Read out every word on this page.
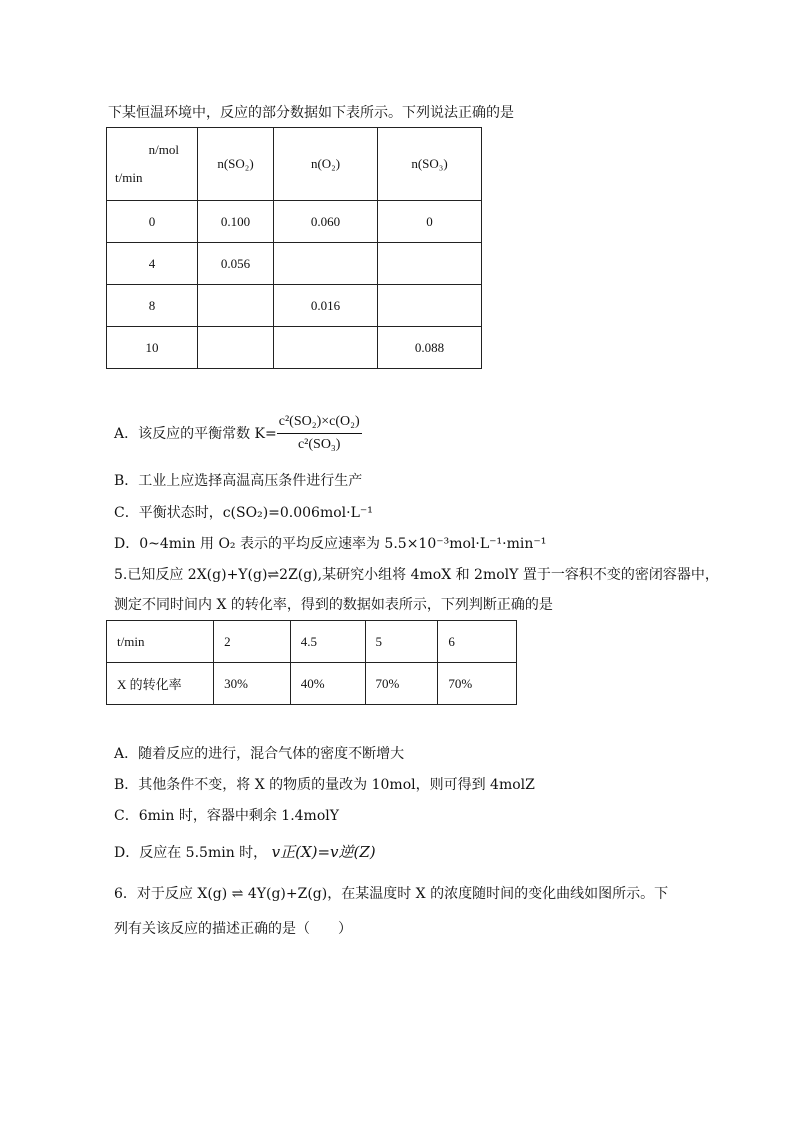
下某恒温环境中，反应的部分数据如下表所示。下列说法正确的是
n/mol
t/min	n(SO₂)	n(O₂)	n(SO₃)
0	0.100	0.060	0
4	0.056		
8		0.016	
10			0.088
A．该反应的平衡常数 $K= \frac{\text{c²(SO₂)×c(O₂)}}{\text{c²(SO₃)}}$
B．工业上应选择高温高压条件进行生产
C．平衡状态时，c(SO₂)=0.006mol·L⁻¹
D．0~4min 用 O₂ 表示的平均反应速率为 5.5×10⁻³mol·L⁻¹·min⁻¹
5.已知反应 2X(g)+Y(g)⇌2Z(g),某研究小组将 4moX 和 2molY 置于一容积不变的密闭容器中，
测定不同时间内 X 的转化率，得到的数据如表所示，下列判断正确的是
t/min	2	4.5	5	6
X 的转化率	30%	40%	70%	70%
A．随着反应的进行，混合气体的密度不断增大
B．其他条件不变，将 X 的物质的量改为 10mol，则可得到 4molZ
C．6min 时，容器中剩余 1.4molY
D．反应在 5.5min 时， v正(X)=v逆(Z)
6．对于反应 X(g) ⇌ 4Y(g)+Z(g)，在某温度时 X 的浓度随时间的变化曲线如图所示。下
列有关该反应的描述正确的是（　　）
